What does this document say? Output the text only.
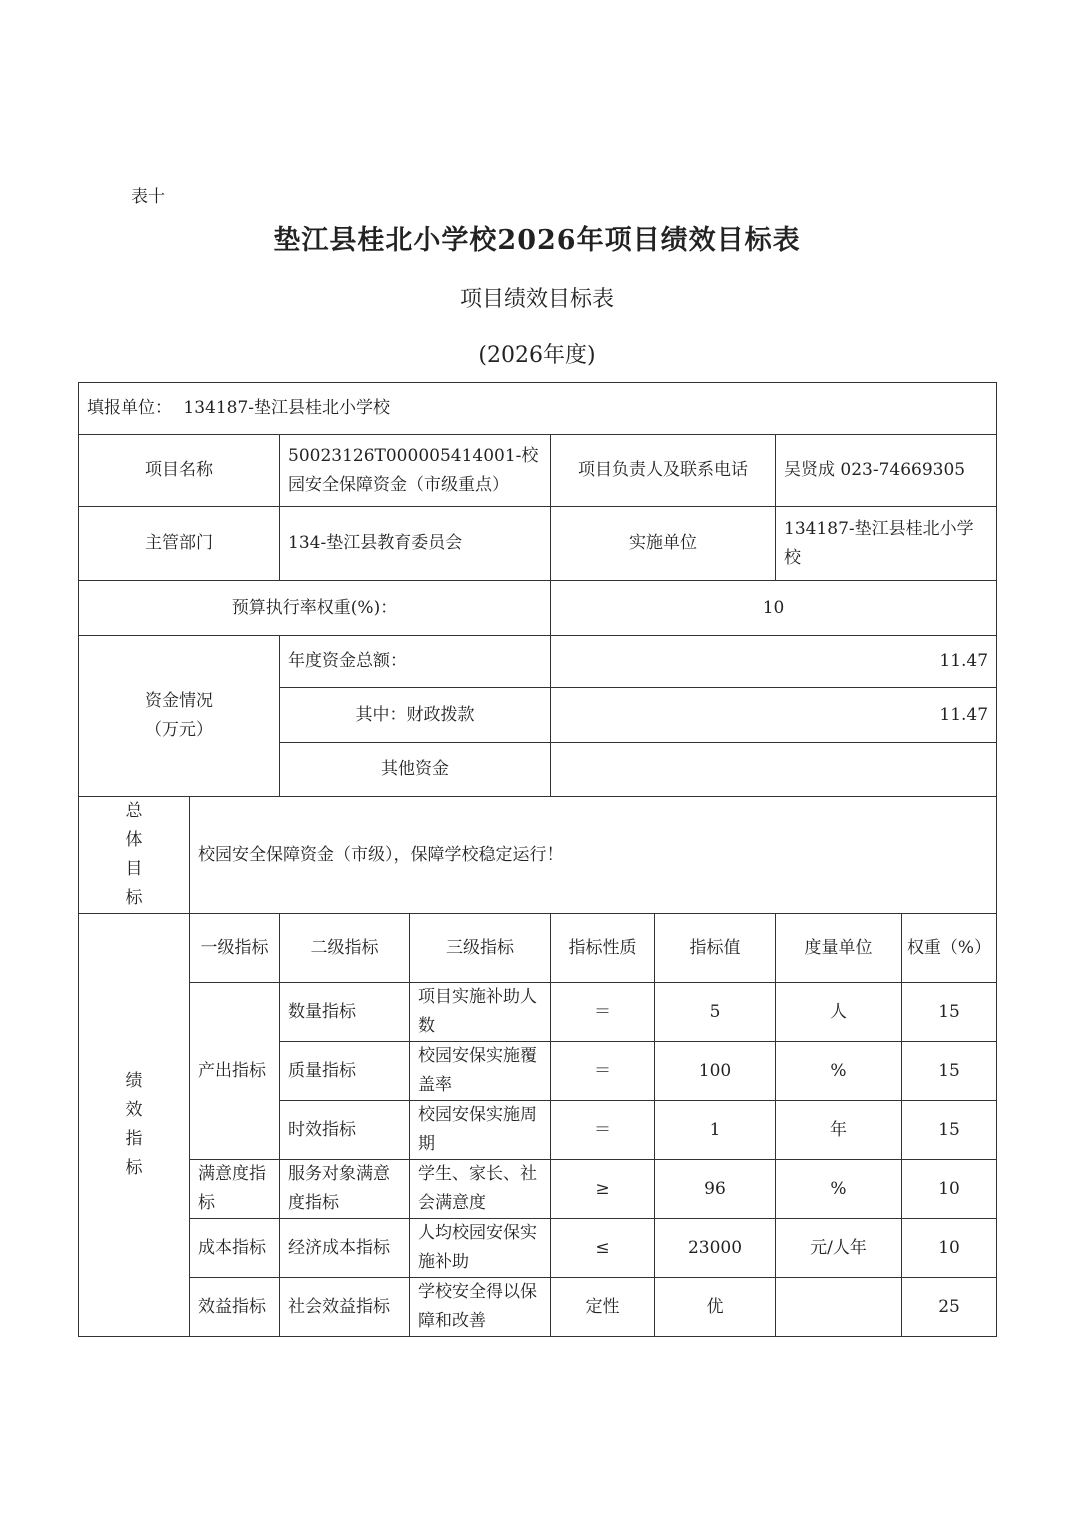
表十
垫江县桂北小学校2026年项目绩效目标表
项目绩效目标表
(2026年度)
填报单位： 134187-垫江县桂北小学校							
项目名称		50023126T000005414001-校园安全保障资金（市级重点）		项目负责人及联系电话		吴贤成 023-74669305	
主管部门		134-垫江县教育委员会		实施单位		134187-垫江县桂北小学校	
预算执行率权重(%)：				10			
资金情况（万元）		年度资金总额：		11.47			
		其中：财政拨款		11.47			
		其他资金					
总体目标	校园安全保障资金（市级），保障学校稳定运行！						
绩效指标	一级指标	二级指标	三级指标	指标性质	指标值	度量单位	权重（%）
	产出指标	数量指标	项目实施补助人数	＝	5	人	15
		质量指标	校园安保实施覆盖率	＝	100	%	15
		时效指标	校园安保实施周期	＝	1	年	15
	满意度指标	服务对象满意度指标	学生、家长、社会满意度	≥	96	%	10
	成本指标	经济成本指标	人均校园安保实施补助	≤	23000	元/人年	10
	效益指标	社会效益指标	学校安全得以保障和改善	定性	优		25
